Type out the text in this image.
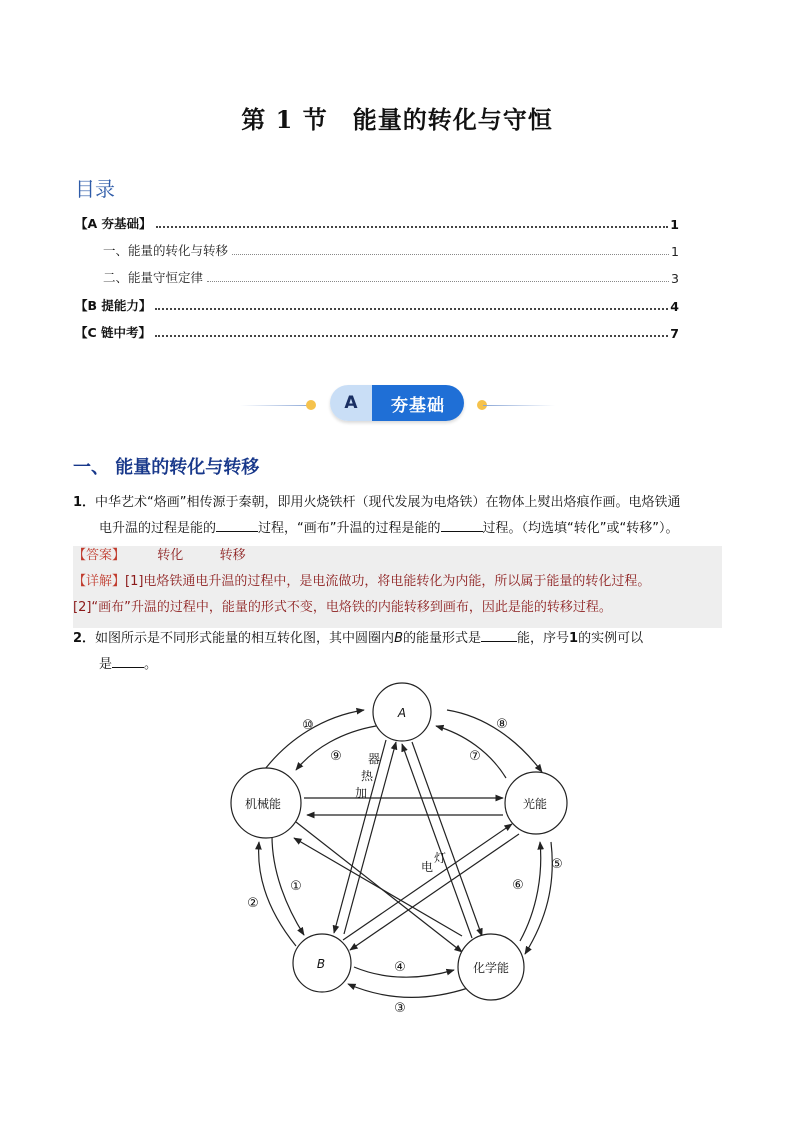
第 1 节　能量的转化与守恒
目录
【A 夯基础】	1
一、能量的转化与转移	1
二、能量守恒定律	3
【B 提能力】	4
【C 链中考】	7
A	夯基础
一、 能量的转化与转移
1．中华艺术“烙画”相传源于秦朝，即用火烧铁杆（现代发展为电烙铁）在物体上熨出烙痕作画。电烙铁通
电升温的过程是能的	过程，“画布”升温的过程是能的	过程。（均选填“转化”或“转移”）。
【答案】 转化	转移
【详解】[1]电烙铁通电升温的过程中，是电流做功，将电能转化为内能，所以属于能量的转化过程。
[2]“画布”升温的过程中，能量的形式不变，电烙铁的内能转移到画布，因此是能的转移过程。
2．如图所示是不同形式能量的相互转化图，其中圆圈内B的能量形式是	能，序号1的实例可以
是 。
A
B
机械能	光能
化学能
器
热
加
电
灯
⑩
⑨
⑧
⑦
①
②
④
③
⑥
⑤
